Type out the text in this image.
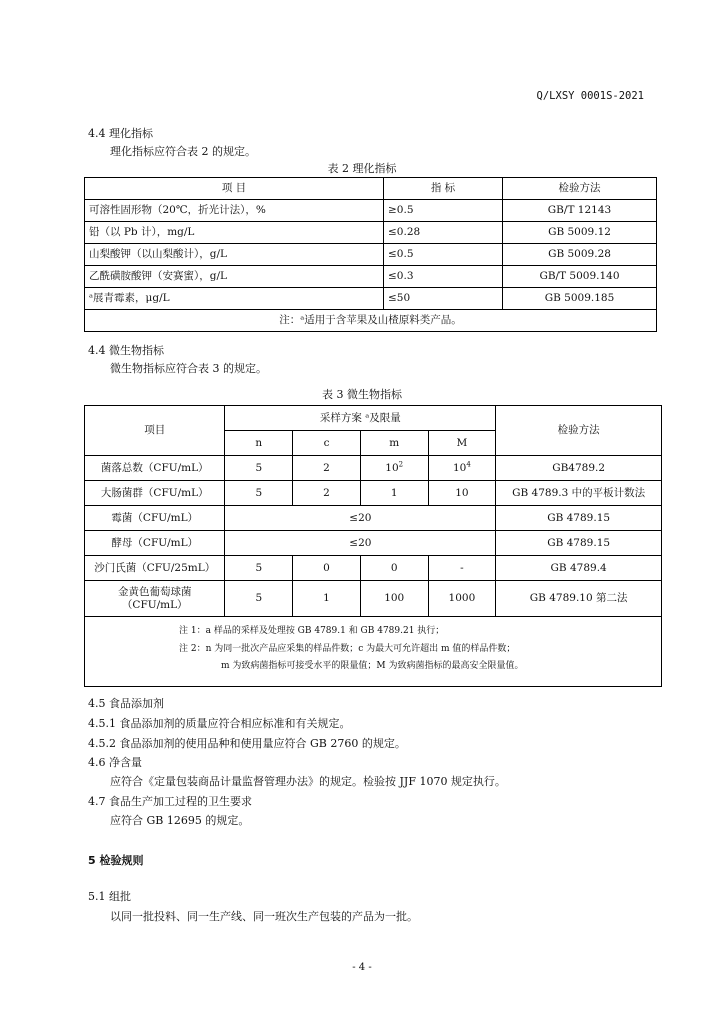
Q/LXSY 0001S-2021
4.4 理化指标
理化指标应符合表 2 的规定。
表 2 理化指标
项 目	指 标	检验方法
可溶性固形物（20℃，折光计法），%	≥0.5	GB/T 12143
铅（以 Pb 计），mg/L	≤0.28	GB 5009.12
山梨酸钾（以山梨酸计），g/L	≤0.5	GB 5009.28
乙酰磺胺酸钾（安赛蜜），g/L	≤0.3	GB/T 5009.140
ᵃ展青霉素，μg/L	≤50	GB 5009.185
注：ᵃ适用于含苹果及山楂原料类产品。		
4.4 微生物指标
微生物指标应符合表 3 的规定。
表 3 微生物指标
项目	采样方案 ᵃ及限量				检验方法
	n	c	m	M	
菌落总数（CFU/mL）	5	2	$10^2$	$10^4$	GB4789.2
大肠菌群（CFU/mL）	5	2	1	10	GB 4789.3 中的平板计数法
霉菌（CFU/mL）	≤20				GB 4789.15
酵母（CFU/mL）	≤20				GB 4789.15
沙门氏菌（CFU/25mL）	5	0	0	-	GB 4789.4

金黄色葡萄球菌
（CFU/mL）	5	1	100	1000	GB 4789.10 第二法

注 1：a 样品的采样及处理按 GB 4789.1 和 GB 4789.21 执行；
注 2：n 为同一批次产品应采集的样品件数；c 为最大可允许超出 m 值的样品件数；
m 为致病菌指标可接受水平的限量值；M 为致病菌指标的最高安全限量值。					
4.5 食品添加剂
4.5.1 食品添加剂的质量应符合相应标准和有关规定。
4.5.2 食品添加剂的使用品种和使用量应符合 GB 2760 的规定。
4.6 净含量
应符合《定量包装商品计量监督管理办法》的规定。检验按 JJF 1070 规定执行。
4.7 食品生产加工过程的卫生要求
应符合 GB 12695 的规定。
5 检验规则
5.1 组批
以同一批投料、同一生产线、同一班次生产包装的产品为一批。
- 4 -
